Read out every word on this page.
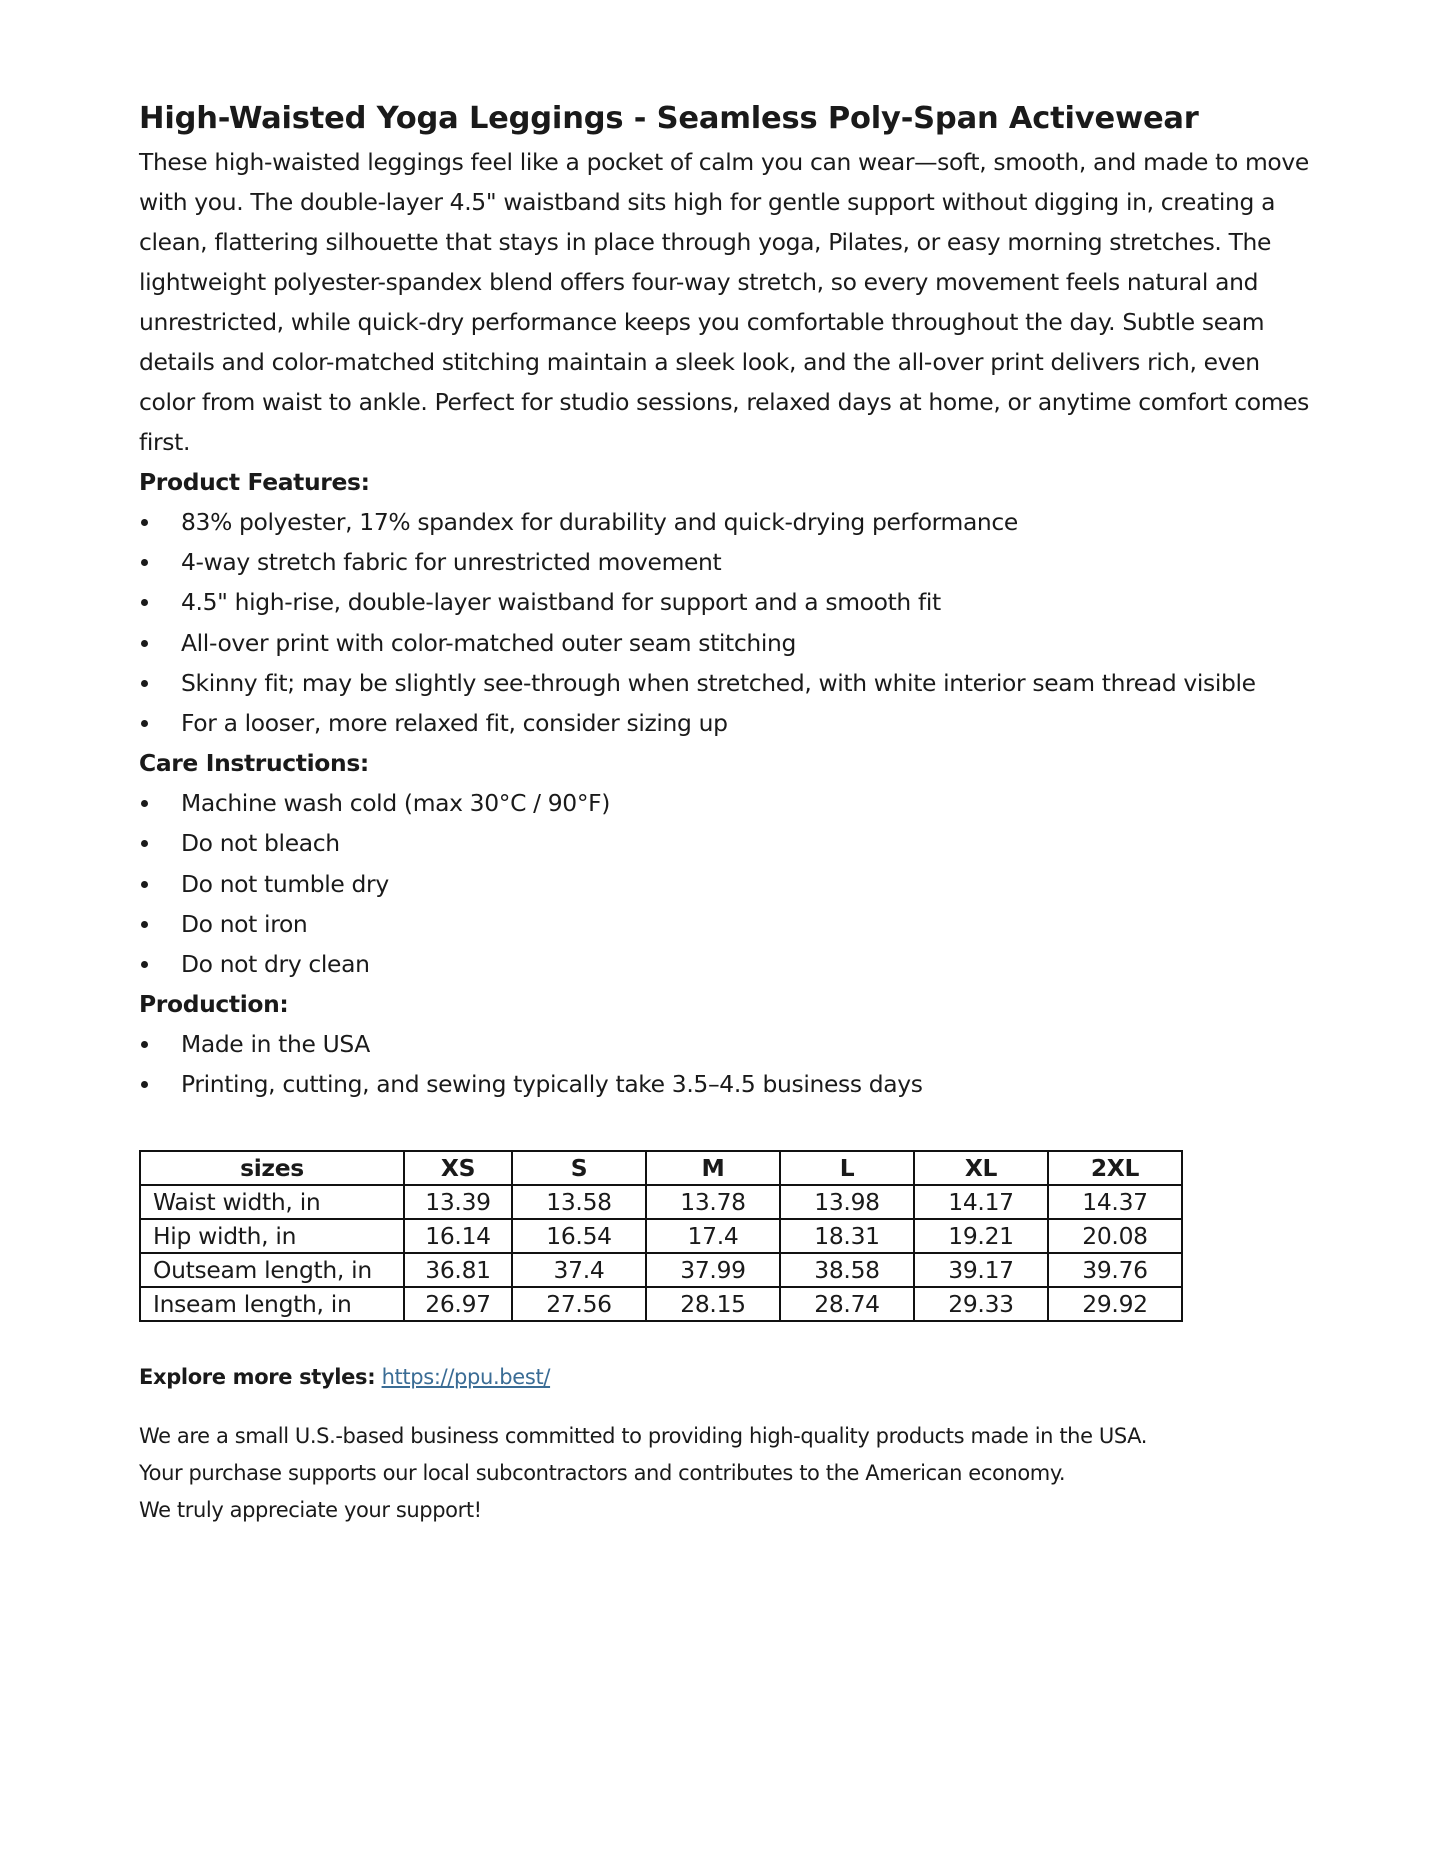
High-Waisted Yoga Leggings - Seamless Poly-Span Activewear

These high-waisted leggings feel like a pocket of calm you can wear—soft, smooth, and made to move with you. The double-layer 4.5" waistband sits high for gentle support without digging in, creating a clean, flattering silhouette that stays in place through yoga, Pilates, or easy morning stretches. The lightweight polyester-spandex blend offers four-way stretch, so every movement feels natural and unrestricted, while quick-dry performance keeps you comfortable throughout the day. Subtle seam details and color-matched stitching maintain a sleek look, and the all-over print delivers rich, even color from waist to ankle. Perfect for studio sessions, relaxed days at home, or anytime comfort comes first.

Product Features:
83% polyester, 17% spandex for durability and quick-drying performance
4-way stretch fabric for unrestricted movement
4.5" high-rise, double-layer waistband for support and a smooth fit
All-over print with color-matched outer seam stitching
Skinny fit; may be slightly see-through when stretched, with white interior seam thread visible
For a looser, more relaxed fit, consider sizing up
Care Instructions:
Machine wash cold (max 30°C / 90°F)
Do not bleach
Do not tumble dry
Do not iron
Do not dry clean
Production:
Made in the USA
Printing, cutting, and sewing typically take 3.5–4.5 business days
sizes	XS	S	M	L	XL	2XL
Waist width, in	13.39	13.58	13.78	13.98	14.17	14.37
Hip width, in	16.14	16.54	17.4	18.31	19.21	20.08
Outseam length, in	36.81	37.4	37.99	38.58	39.17	39.76
Inseam length, in	26.97	27.56	28.15	28.74	29.33	29.92
Explore more styles: https://ppu.best/
We are a small U.S.-based business committed to providing high-quality products made in the USA.
Your purchase supports our local subcontractors and contributes to the American economy.
We truly appreciate your support!
